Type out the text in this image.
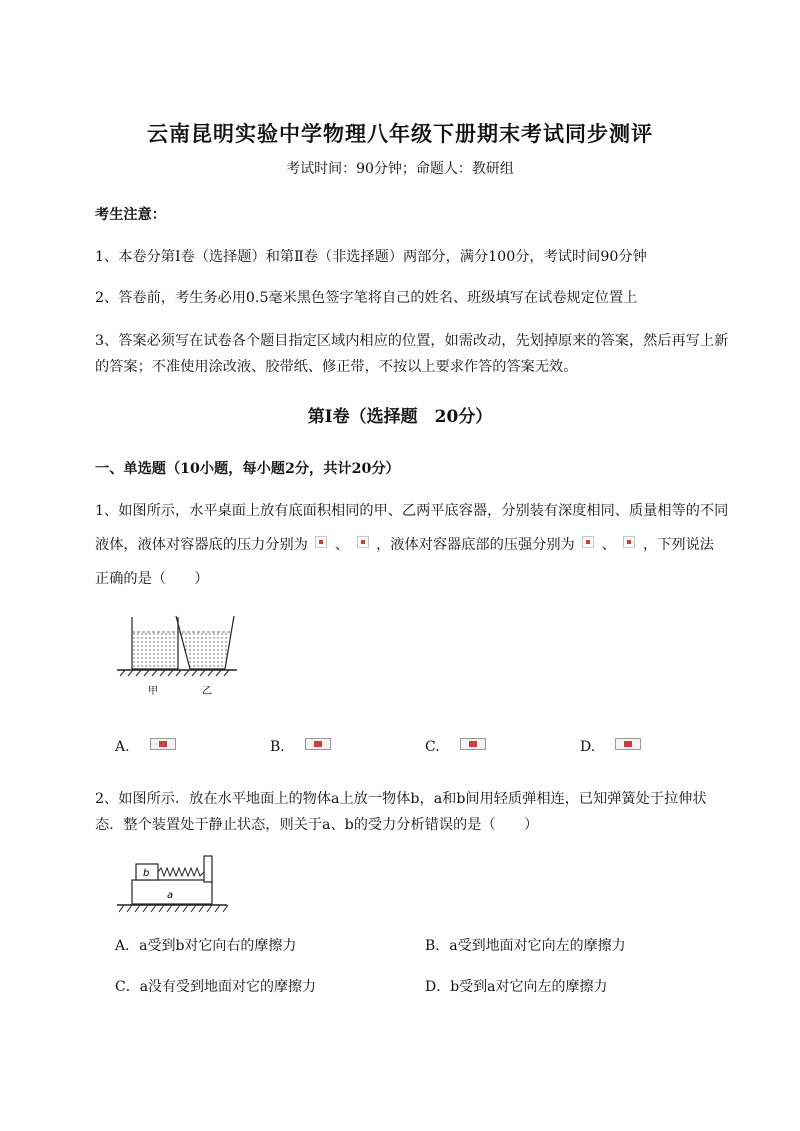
云南昆明实验中学物理八年级下册期末考试同步测评
考试时间：90分钟；命题人：教研组
考生注意：
1、本卷分第I卷（选择题）和第Ⅱ卷（非选择题）两部分，满分100分，考试时间90分钟
2、答卷前，考生务必用0.5毫米黑色签字笔将自己的姓名、班级填写在试卷规定位置上
3、答案必须写在试卷各个题目指定区域内相应的位置，如需改动，先划掉原来的答案，然后再写上新
的答案；不准使用涂改液、胶带纸、修正带，不按以上要求作答的答案无效。
第I卷（选择题　20分）
一、单选题（10小题，每小题2分，共计20分）
1、如图所示，水平桌面上放有底面积相同的甲、乙两平底容器，分别装有深度相同、质量相等的不同
液体，液体对容器底的压力分别为 、 ，液体对容器底部的压强分别为 、 ，下列说法
正确的是（　　）
甲	乙
A.	B.	C.	D.
2、如图所示．放在水平地面上的物体a上放一物体b，a和b间用轻质弹相连，已知弹簧处于拉伸状
态．整个装置处于静止状态，则关于a、b的受力分析错误的是（　　）
b
a
A．a受到b对它向右的摩擦力	B．a受到地面对它向左的摩擦力
C．a没有受到地面对它的摩擦力	D．b受到a对它向左的摩擦力
